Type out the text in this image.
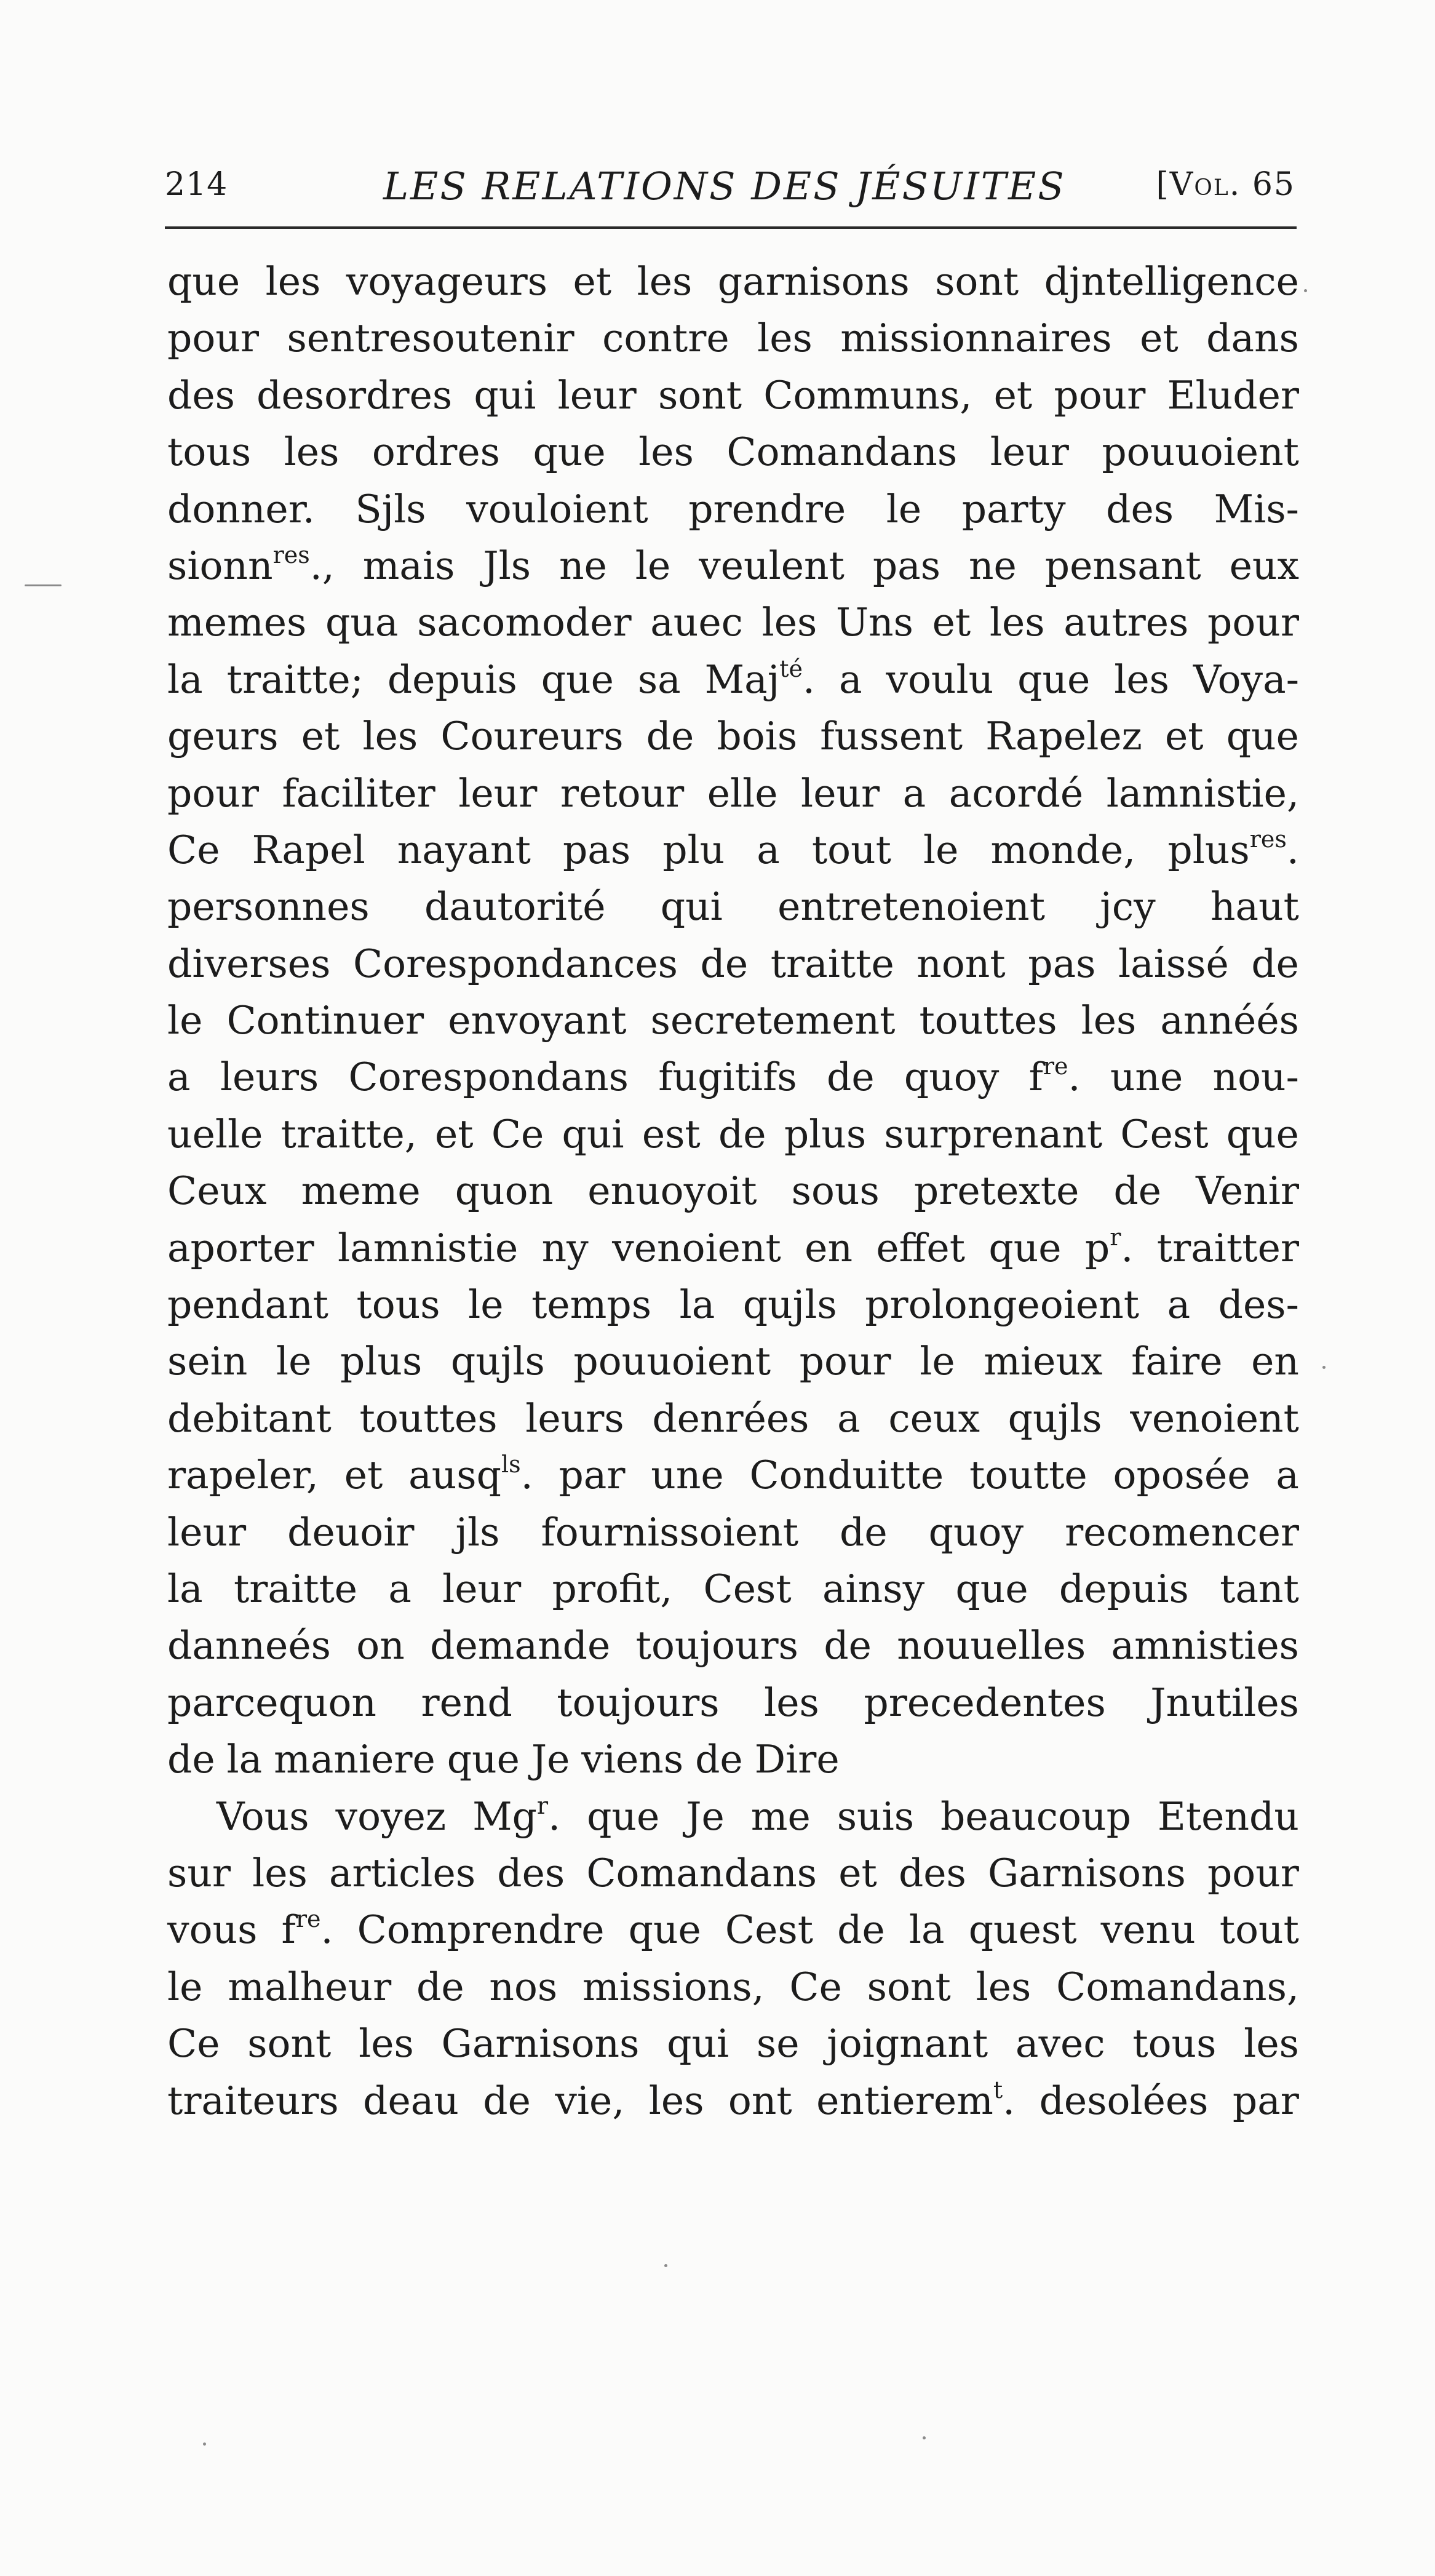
214	LES RELATIONS DES JÉSUITES	[Vol. 65
que les voyageurs et les garnisons sont djntelligence
pour sentresoutenir contre les missionnaires et dans
des desordres qui leur sont Communs, et pour Eluder
tous les ordres que les Comandans leur pouuoient
donner. Sjls vouloient prendre le party des Mis-
sionn$^{res}$., mais Jls ne le veulent pas ne pensant eux
memes qua sacomoder auec les Uns et les autres pour
la traitte; depuis que sa Maj$^{té}$. a voulu que les Voya-
geurs et les Coureurs de bois fussent Rapelez et que
pour faciliter leur retour elle leur a acordé lamnistie,
Ce Rapel nayant pas plu a tout le monde, plus$^{res}$.
personnes dautorité qui entretenoient jcy haut
diverses Corespondances de traitte nont pas laissé de
le Continuer envoyant secretement touttes les annéés
a leurs Corespondans fugitifs de quoy $f^{re}$. une nou-
uelle traitte, et Ce qui est de plus surprenant Cest que
Ceux meme quon enuoyoit sous pretexte de Venir
aporter lamnistie ny venoient en effet que $p^r$. traitter
pendant tous le temps la qujls prolongeoient a des-
sein le plus qujls pouuoient pour le mieux faire en
debitant touttes leurs denrées a ceux qujls venoient
rapeler, et ausq$^{ls}$. par une Conduitte toutte oposée a
leur deuoir jls fournissoient de quoy recomencer
la traitte a leur profit, Cest ainsy que depuis tant
danneés on demande toujours de nouuelles amnisties
parcequon rend toujours les precedentes Jnutiles
de la maniere que Je viens de Dire
Vous voyez Mg$^r$. que Je me suis beaucoup Etendu
sur les articles des Comandans et des Garnisons pour
vous $f^{re}$. Comprendre que Cest de la quest venu tout
le malheur de nos missions, Ce sont les Comandans,
Ce sont les Garnisons qui se joignant avec tous les
traiteurs deau de vie, les ont entierem$^t$. desolées par
